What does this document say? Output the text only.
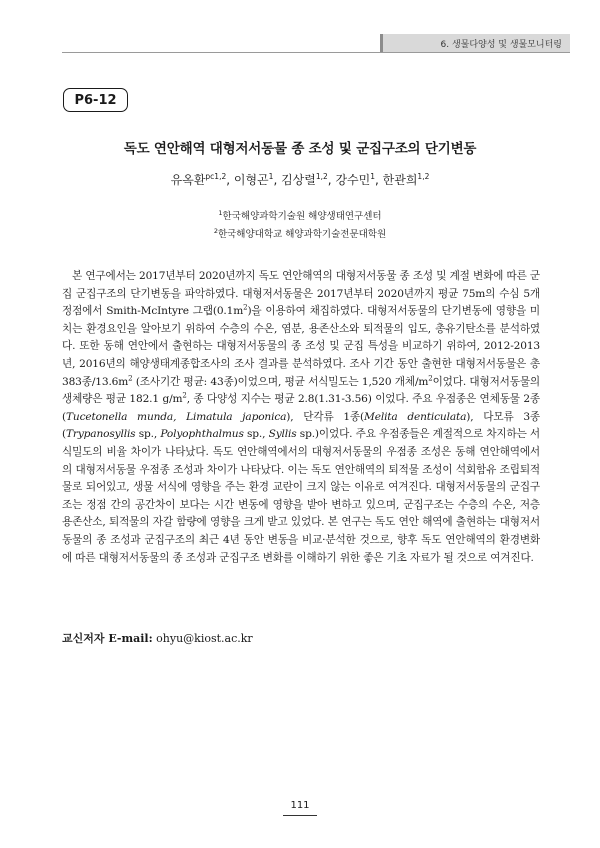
6. 생물다양성 및 생물모니터링
P6-12
독도 연안해역 대형저서동물 종 조성 및 군집구조의 단기변동
유옥환$^{pc1,2}$, 이형곤$^1$, 김상렬$^{1,2}$, 강수민$^1$, 한관희$^{1,2}$
$^1$한국해양과학기술원 해양생태연구센터
$^2$한국해양대학교 해양과학기술전문대학원

본 연구에서는 2017년부터 2020년까지 독도 연안해역의 대형저서동물 종 조성 및 계절 변화에 따른 군집 군집구조의 단기변동을 파악하였다. 대형저서동물은 2017년부터 2020년까지 평균 75m의 수심 5개 정점에서 Smith-McIntyre 그랩$(0.1m^2)$을 이용하여 채집하였다. 대형저서동물의 단기변동에 영향을 미치는 환경요인을 알아보기 위하여 수층의 수온, 염분, 용존산소와 퇴적물의 입도, 총유기탄소를 분석하였다. 또한 동해 연안에서 출현하는 대형저서동물의 종 조성 및 군집 특성을 비교하기 위하여, 2012-2013년, 2016년의 해양생태계종합조사의 조사 결과를 분석하였다. 조사 기간 동안 출현한 대형저서동물은 총 383종$/13.6m^2$ (조사기간 평균: 43종)이었으며, 평균 서식밀도는 1,520 개체$/m^2$이었다. 대형저서동물의 생체량은 평균 182.1 $g/m^2$, 종 다양성 지수는 평균 2.8(1.31-3.56) 이었다. 주요 우점종은 연체동물 2종(Tucetonella munda, Limatula japonica), 단각류 1종(Melita denticulata), 다모류 3종(Trypanosyllis sp., Polyophthalmus sp., Syllis sp.)이었다. 주요 우점종들은 계절적으로 차지하는 서식밀도의 비율 차이가 나타났다. 독도 연안해역에서의 대형저서동물의 우점종 조성은 동해 연안해역에서의 대형저서동물 우점종 조성과 차이가 나타났다. 이는 독도 연안해역의 퇴적물 조성이 석회함유 조립퇴적물로 되어있고, 생물 서식에 영향을 주는 환경 교란이 크지 않는 이유로 여겨진다. 대형저서동물의 군집구조는 정점 간의 공간차이 보다는 시간 변동에 영향을 받아 변하고 있으며, 군집구조는 수층의 수온, 저층 용존산소, 퇴적물의 자갈 함량에 영향을 크게 받고 있었다. 본 연구는 독도 연안 해역에 출현하는 대형저서동물의 종 조성과 군집구조의 최근 4년 동안 변동을 비교·분석한 것으로, 향후 독도 연안해역의 환경변화에 따른 대형저서동물의 종 조성과 군집구조 변화를 이해하기 위한 좋은 기초 자료가 될 것으로 여겨진다.

교신저자 E-mail: ohyu@kiost.ac.kr
111
